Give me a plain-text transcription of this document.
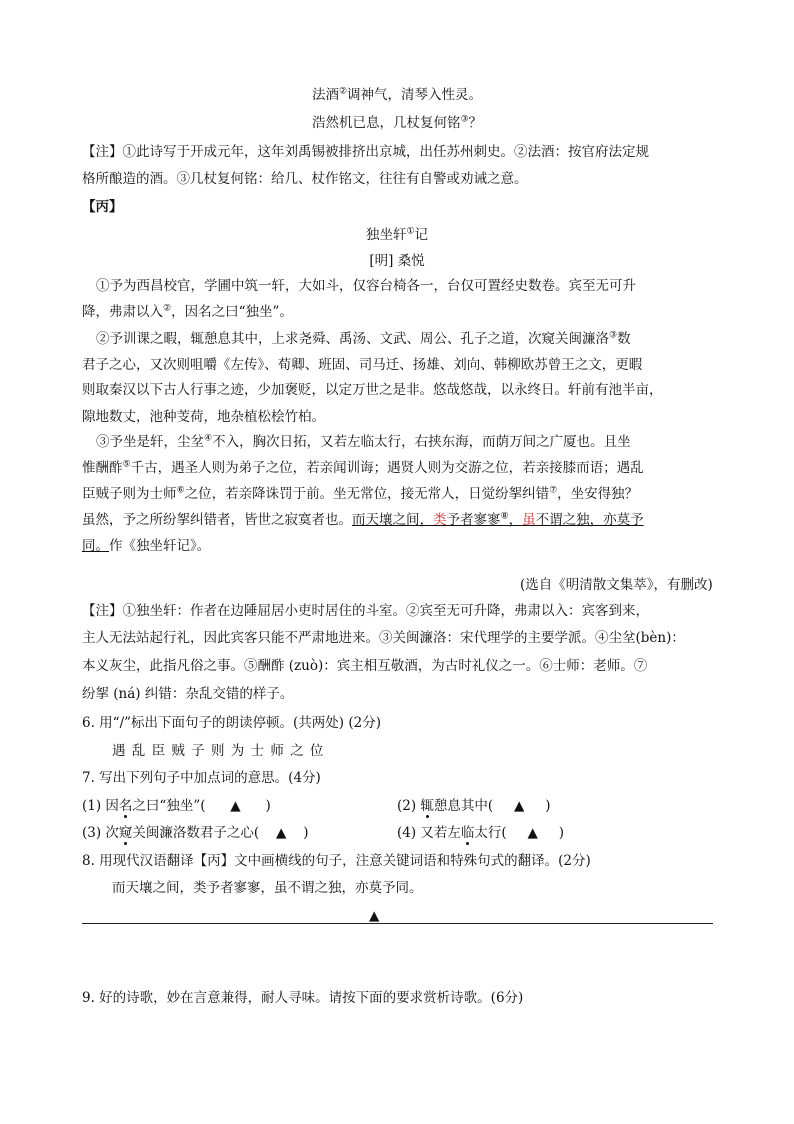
法酒②调神气，清琴入性灵。
浩然机已息，几杖复何铭③？
【注】①此诗写于开成元年，这年刘禹锡被排挤出京城，出任苏州刺史。②法酒：按官府法定规
格所酿造的酒。③几杖复何铭：给几、杖作铭文，往往有自警或劝诫之意。
【丙】
独坐轩①记
[明] 桑悦
①予为西昌校官，学圃中筑一轩，大如斗，仅容台椅各一，台仅可置经史数卷。宾至无可升
降，弗肃以入②，因名之曰“独坐”。
②予训课之暇，辄憩息其中，上求尧舜、禹汤、文武、周公、孔子之道，次窥关闽濂洛③数
君子之心，又次则咀嚼《左传》、荀卿、班固、司马迁、扬雄、刘向、韩柳欧苏曾王之文，更暇
则取秦汉以下古人行事之迹，少加褒贬，以定万世之是非。悠哉悠哉，以永终日。轩前有池半亩，
隙地数丈，池种芰荷，地杂植松桧竹柏。
③予坐是轩，尘坌④不入，胸次日拓，又若左临太行，右挟东海，而荫万间之广厦也。且坐
惟酬酢⑤千古，遇圣人则为弟子之位，若亲闻训诲；遇贤人则为交游之位，若亲接膝而语；遇乱
臣贼子则为士师⑥之位，若亲降诛罚于前。坐无常位，接无常人，日觉纷挐纠错⑦，坐安得独？
虽然，予之所纷挐纠错者，皆世之寂寞者也。而天壤之间，类予者寥寥⑧，虽不谓之独，亦莫予
同。作《独坐轩记》。
(选自《明清散文集萃》，有删改)
【注】①独坐轩：作者在边陲屈居小吏时居住的斗室。②宾至无可升降，弗肃以入：宾客到来，
主人无法站起行礼，因此宾客只能不严肃地进来。③关闽濂洛：宋代理学的主要学派。④尘坌(bèn)：
本义灰尘，此指凡俗之事。⑤酬酢 (zuò)：宾主相互敬酒，为古时礼仪之一。⑥士师：老师。⑦
纷挐 (ná) 纠错：杂乱交错的样子。
6. 用“/”标出下面句子的朗读停顿。(共两处) (2分)
遇 乱 臣 贼 子 则 为 士 师 之 位
7. 写出下列句子中加点词的意思。(4分)
(1) 因名之曰“独坐”( ▲ )	(2) 辄憩息其中( ▲ )
(3) 次窥关闽濂洛数君子之心( ▲ )	(4) 又若左临太行( ▲ )
8. 用现代汉语翻译【丙】文中画横线的句子，注意关键词语和特殊句式的翻译。(2分)
而天壤之间，类予者寥寥，虽不谓之独，亦莫予同。
▲
9. 好的诗歌，妙在言意兼得，耐人寻味。请按下面的要求赏析诗歌。(6分)
